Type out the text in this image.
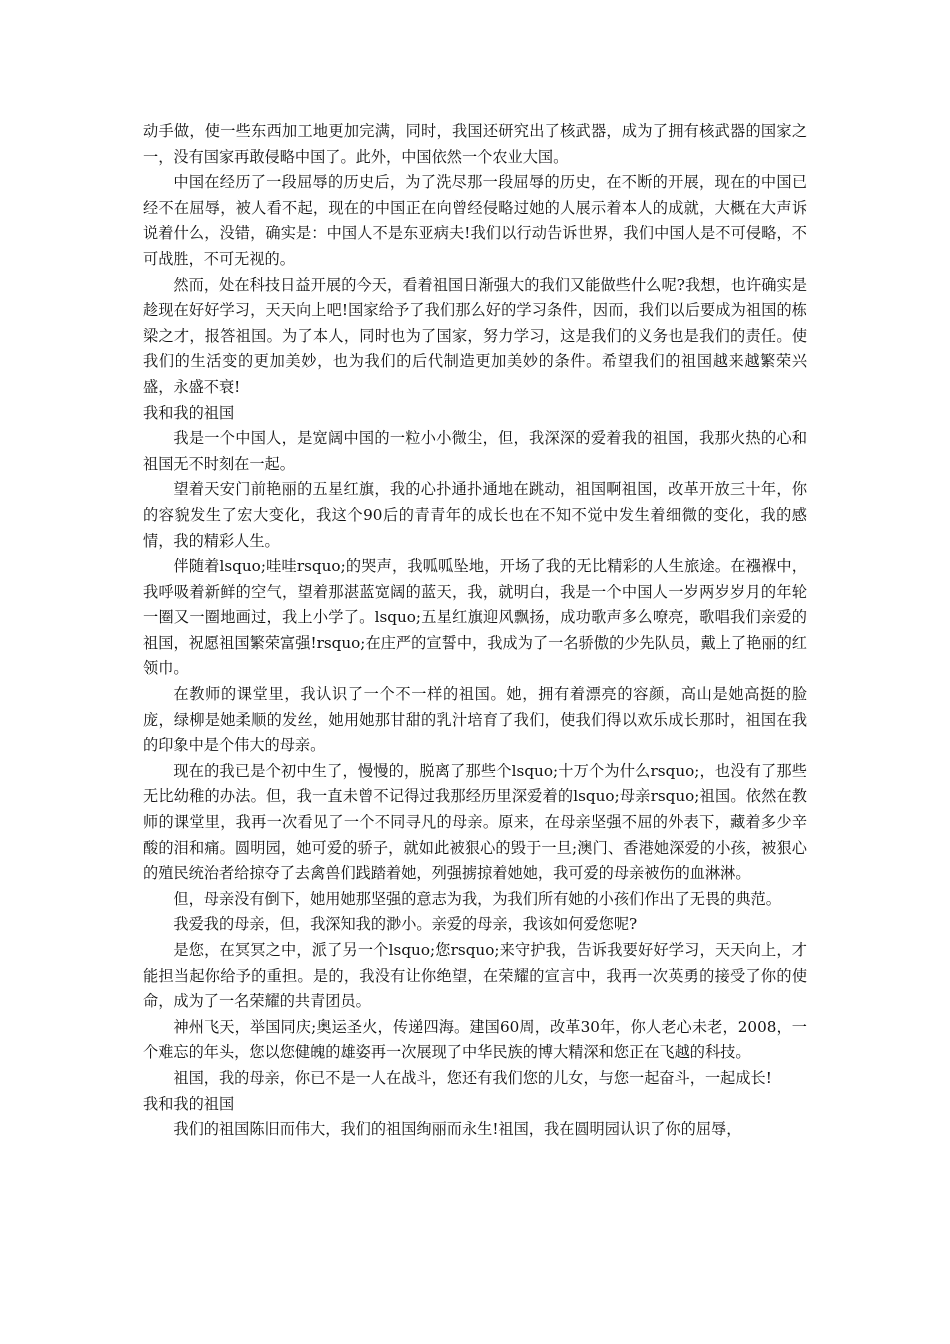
动手做，使一些东西加工地更加完满，同时，我国还研究出了核武器，成为了拥有核武器的国家之一，没有国家再敢侵略中国了。此外，中国依然一个农业大国。

中国在经历了一段屈辱的历史后，为了洗尽那一段屈辱的历史，在不断的开展，现在的中国已经不在屈辱，被人看不起，现在的中国正在向曾经侵略过她的人展示着本人的成就，大概在大声诉说着什么，没错，确实是：中国人不是东亚病夫!我们以行动告诉世界，我们中国人是不可侵略，不可战胜，不可无视的。

然而，处在科技日益开展的今天，看着祖国日渐强大的我们又能做些什么呢?我想，也许确实是趁现在好好学习，天天向上吧!国家给予了我们那么好的学习条件，因而，我们以后要成为祖国的栋梁之才，报答祖国。为了本人，同时也为了国家，努力学习，这是我们的义务也是我们的责任。使我们的生活变的更加美妙，也为我们的后代制造更加美妙的条件。希望我们的祖国越来越繁荣兴盛，永盛不衰!

我和我的祖国

我是一个中国人，是宽阔中国的一粒小小微尘，但，我深深的爱着我的祖国，我那火热的心和祖国无不时刻在一起。

望着天安门前艳丽的五星红旗，我的心扑通扑通地在跳动，祖国啊祖国，改革开放三十年，你的容貌发生了宏大变化，我这个90后的青青年的成长也在不知不觉中发生着细微的变化，我的感情，我的精彩人生。

伴随着lsquo;哇哇rsquo;的哭声，我呱呱坠地，开场了我的无比精彩的人生旅途。在襁褓中，我呼吸着新鲜的空气，望着那湛蓝宽阔的蓝天，我，就明白，我是一个中国人一岁两岁岁月的年轮一圈又一圈地画过，我上小学了。lsquo;五星红旗迎风飘扬，成功歌声多么嘹亮，歌唱我们亲爱的祖国，祝愿祖国繁荣富强!rsquo;在庄严的宣誓中，我成为了一名骄傲的少先队员，戴上了艳丽的红领巾。

在教师的课堂里，我认识了一个不一样的祖国。她，拥有着漂亮的容颜，高山是她高挺的脸庞，绿柳是她柔顺的发丝，她用她那甘甜的乳汁培育了我们，使我们得以欢乐成长那时，祖国在我的印象中是个伟大的母亲。

现在的我已是个初中生了，慢慢的，脱离了那些个lsquo;十万个为什么rsquo;，也没有了那些无比幼稚的办法。但，我一直未曾不记得过我那经历里深爱着的lsquo;母亲rsquo;祖国。依然在教师的课堂里，我再一次看见了一个不同寻凡的母亲。原来，在母亲坚强不屈的外表下，藏着多少辛酸的泪和痛。圆明园，她可爱的骄子，就如此被狠心的毁于一旦;澳门、香港她深爱的小孩，被狠心的殖民统治者给掠夺了去禽兽们践踏着她，列强掳掠着她她，我可爱的母亲被伤的血淋淋。

但，母亲没有倒下，她用她那坚强的意志为我，为我们所有她的小孩们作出了无畏的典范。

我爱我的母亲，但，我深知我的渺小。亲爱的母亲，我该如何爱您呢?

是您，在冥冥之中，派了另一个lsquo;您rsquo;来守护我，告诉我要好好学习，天天向上，才能担当起你给予的重担。是的，我没有让你绝望，在荣耀的宣言中，我再一次英勇的接受了你的使命，成为了一名荣耀的共青团员。

神州飞天，举国同庆;奥运圣火，传递四海。建国60周，改革30年，你人老心未老，2008，一个难忘的年头，您以您健魄的雄姿再一次展现了中华民族的博大精深和您正在飞越的科技。

祖国，我的母亲，你已不是一人在战斗，您还有我们您的儿女，与您一起奋斗，一起成长!

我和我的祖国

我们的祖国陈旧而伟大，我们的祖国绚丽而永生!祖国，我在圆明园认识了你的屈辱，
